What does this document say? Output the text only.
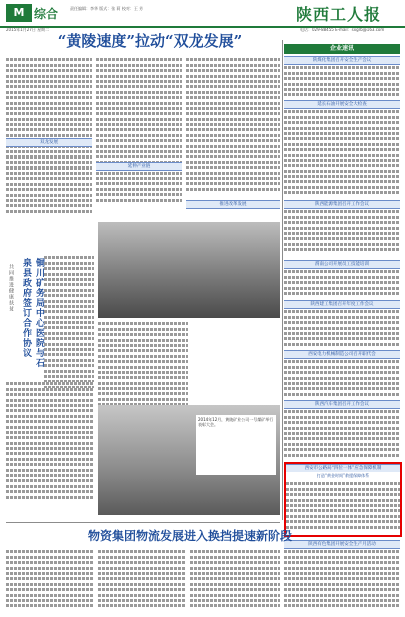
M 综合	责任编辑：李华 版式：张 莉 校对：王 芳	陕西工人报
2015年1月27日 星期二	电话：029-88455 E-mail：sxgrb@163.com
“黄陵速度”拉动“双龙发展”
双龙发展
延伸产业链
推进改革发展
铜川矿务局中心医院与石泉县政府签订合作协议
共同推进健康扶贫
2014年12月，黄陵矿业公司一号煤矿举行表彰大会。
企业速讯
陕煤化集团召开安全生产会议
延长石油开展安全大检查
陕西能源集团召开工作会议
渭南公司开展员工技能培训
陕西建工集团召开年度工作会议
西安电力机械制造公司召开职代会
陕西汽车集团召开工作会议
西安市公路局“四位一体”应急保障机制
打造“黄金时间”救援保障体系
陕西有色集团开展安全生产月活动
物资集团物流发展进入换挡提速新阶段
